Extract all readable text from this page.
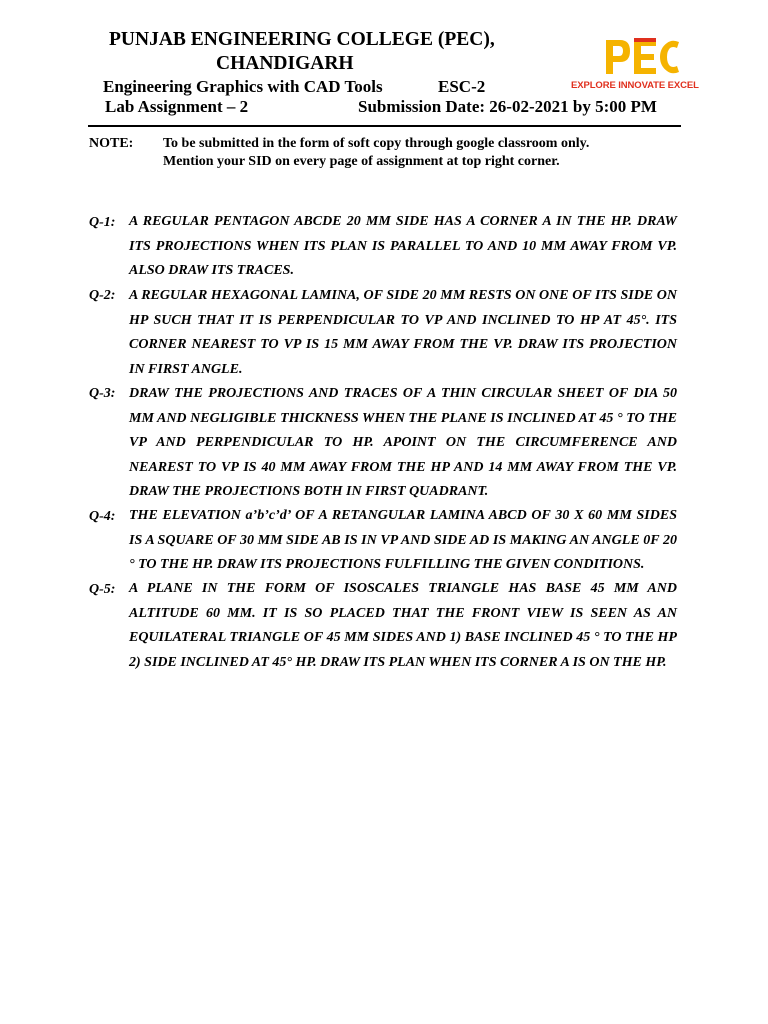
PUNJAB ENGINEERING COLLEGE (PEC),
CHANDIGARH
Engineering Graphics with CAD Tools	ESC-2
Lab Assignment – 2	Submission Date: 26-02-2021 by 5:00 PM
EXPLORE INNOVATE EXCEL
NOTE: To be submitted in the form of soft copy through google classroom only.
Mention your SID on every page of assignment at top right corner.
Q-1: A REGULAR PENTAGON ABCDE 20 MM SIDE HAS A CORNER A IN THE HP. DRAW ITS PROJECTIONS WHEN ITS PLAN IS PARALLEL TO AND 10 MM AWAY FROM VP. ALSO DRAW ITS TRACES.
Q-2: A REGULAR HEXAGONAL LAMINA, OF SIDE 20 MM RESTS ON ONE OF ITS SIDE ON HP SUCH THAT IT IS PERPENDICULAR TO VP AND INCLINED TO HP AT 45°. ITS CORNER NEAREST TO VP IS 15 MM AWAY FROM THE VP. DRAW ITS PROJECTION IN FIRST ANGLE.
Q-3: DRAW THE PROJECTIONS AND TRACES OF A THIN CIRCULAR SHEET OF DIA 50 MM AND NEGLIGIBLE THICKNESS WHEN THE PLANE IS INCLINED AT 45 ° TO THE VP AND PERPENDICULAR TO HP. APOINT ON THE CIRCUMFERENCE AND NEAREST TO VP IS 40 MM AWAY FROM THE HP AND 14 MM AWAY FROM THE VP. DRAW THE PROJECTIONS BOTH IN FIRST QUADRANT.
Q-4: THE ELEVATION a’b’c’d’ OF A RETANGULAR LAMINA ABCD OF 30 X 60 MM SIDES IS A SQUARE OF 30 MM SIDE AB IS IN VP AND SIDE AD IS MAKING AN ANGLE 0F 20 ° TO THE HP. DRAW ITS PROJECTIONS FULFILLING THE GIVEN CONDITIONS.
Q-5: A PLANE IN THE FORM OF ISOSCALES TRIANGLE HAS BASE 45 MM AND ALTITUDE 60 MM. IT IS SO PLACED THAT THE FRONT VIEW IS SEEN AS AN EQUILATERAL TRIANGLE OF 45 MM SIDES AND 1) BASE INCLINED 45 ° TO THE HP 2) SIDE INCLINED AT 45° HP. DRAW ITS PLAN WHEN ITS CORNER A IS ON THE HP.
